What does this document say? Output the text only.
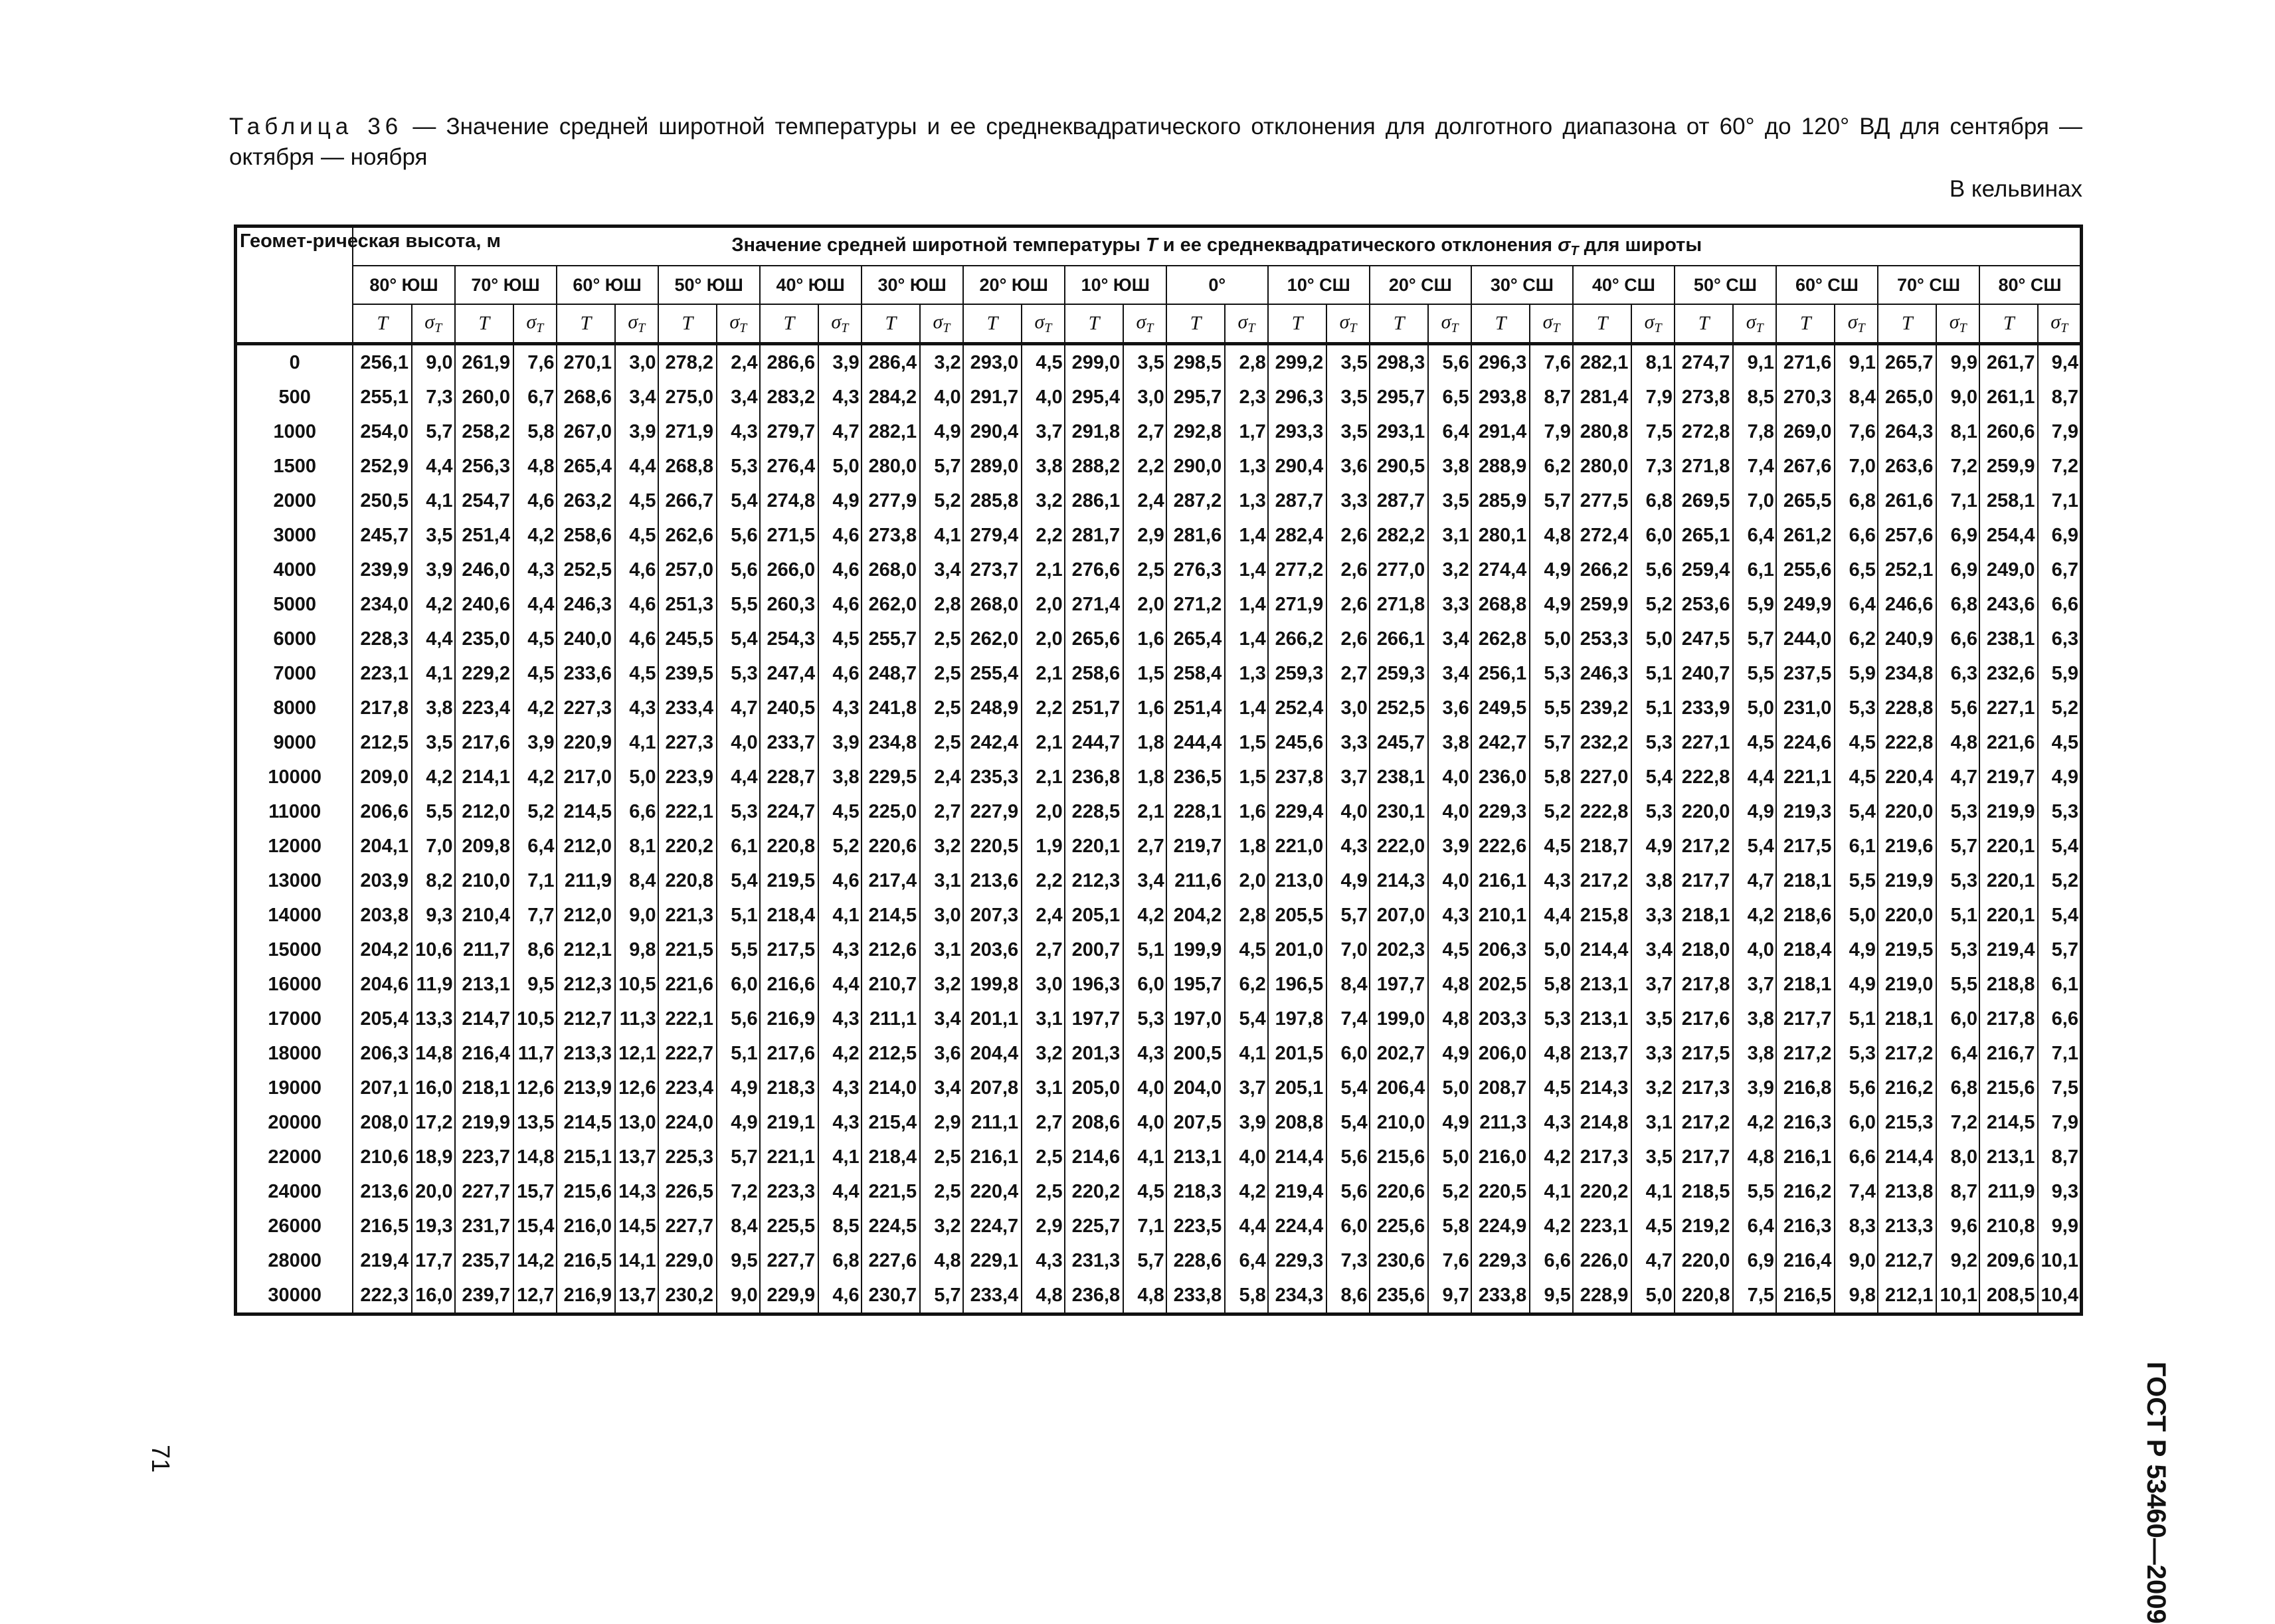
Таблица 36 — Значение средней широтной температуры и ее среднеквадратического отклонения для долготного диапазона от 60° до 120° ВД для сентября — октября — ноября
В кельвинах
Геомет-рическая высота, м	Значение средней широтной температуры T и ее среднеквадратического отклонения $\sigma_T$ для широты																																	
	80° ЮШ		70° ЮШ		60° ЮШ		50° ЮШ		40° ЮШ		30° ЮШ		20° ЮШ		10° ЮШ		0°		10° СШ		20° СШ		30° СШ		40° СШ		50° СШ		60° СШ		70° СШ		80° СШ	
	T	$\sigma_T$	T	$\sigma_T$	T	$\sigma_T$	T	$\sigma_T$	T	$\sigma_T$	T	$\sigma_T$	T	$\sigma_T$	T	$\sigma_T$	T	$\sigma_T$	T	$\sigma_T$	T	$\sigma_T$	T	$\sigma_T$	T	$\sigma_T$	T	$\sigma_T$	T	$\sigma_T$	T	$\sigma_T$	T	$\sigma_T$
0	256,1	9,0	261,9	7,6	270,1	3,0	278,2	2,4	286,6	3,9	286,4	3,2	293,0	4,5	299,0	3,5	298,5	2,8	299,2	3,5	298,3	5,6	296,3	7,6	282,1	8,1	274,7	9,1	271,6	9,1	265,7	9,9	261,7	9,4
500	255,1	7,3	260,0	6,7	268,6	3,4	275,0	3,4	283,2	4,3	284,2	4,0	291,7	4,0	295,4	3,0	295,7	2,3	296,3	3,5	295,7	6,5	293,8	8,7	281,4	7,9	273,8	8,5	270,3	8,4	265,0	9,0	261,1	8,7
1000	254,0	5,7	258,2	5,8	267,0	3,9	271,9	4,3	279,7	4,7	282,1	4,9	290,4	3,7	291,8	2,7	292,8	1,7	293,3	3,5	293,1	6,4	291,4	7,9	280,8	7,5	272,8	7,8	269,0	7,6	264,3	8,1	260,6	7,9
1500	252,9	4,4	256,3	4,8	265,4	4,4	268,8	5,3	276,4	5,0	280,0	5,7	289,0	3,8	288,2	2,2	290,0	1,3	290,4	3,6	290,5	3,8	288,9	6,2	280,0	7,3	271,8	7,4	267,6	7,0	263,6	7,2	259,9	7,2
2000	250,5	4,1	254,7	4,6	263,2	4,5	266,7	5,4	274,8	4,9	277,9	5,2	285,8	3,2	286,1	2,4	287,2	1,3	287,7	3,3	287,7	3,5	285,9	5,7	277,5	6,8	269,5	7,0	265,5	6,8	261,6	7,1	258,1	7,1
3000	245,7	3,5	251,4	4,2	258,6	4,5	262,6	5,6	271,5	4,6	273,8	4,1	279,4	2,2	281,7	2,9	281,6	1,4	282,4	2,6	282,2	3,1	280,1	4,8	272,4	6,0	265,1	6,4	261,2	6,6	257,6	6,9	254,4	6,9
4000	239,9	3,9	246,0	4,3	252,5	4,6	257,0	5,6	266,0	4,6	268,0	3,4	273,7	2,1	276,6	2,5	276,3	1,4	277,2	2,6	277,0	3,2	274,4	4,9	266,2	5,6	259,4	6,1	255,6	6,5	252,1	6,9	249,0	6,7
5000	234,0	4,2	240,6	4,4	246,3	4,6	251,3	5,5	260,3	4,6	262,0	2,8	268,0	2,0	271,4	2,0	271,2	1,4	271,9	2,6	271,8	3,3	268,8	4,9	259,9	5,2	253,6	5,9	249,9	6,4	246,6	6,8	243,6	6,6
6000	228,3	4,4	235,0	4,5	240,0	4,6	245,5	5,4	254,3	4,5	255,7	2,5	262,0	2,0	265,6	1,6	265,4	1,4	266,2	2,6	266,1	3,4	262,8	5,0	253,3	5,0	247,5	5,7	244,0	6,2	240,9	6,6	238,1	6,3
7000	223,1	4,1	229,2	4,5	233,6	4,5	239,5	5,3	247,4	4,6	248,7	2,5	255,4	2,1	258,6	1,5	258,4	1,3	259,3	2,7	259,3	3,4	256,1	5,3	246,3	5,1	240,7	5,5	237,5	5,9	234,8	6,3	232,6	5,9
8000	217,8	3,8	223,4	4,2	227,3	4,3	233,4	4,7	240,5	4,3	241,8	2,5	248,9	2,2	251,7	1,6	251,4	1,4	252,4	3,0	252,5	3,6	249,5	5,5	239,2	5,1	233,9	5,0	231,0	5,3	228,8	5,6	227,1	5,2
9000	212,5	3,5	217,6	3,9	220,9	4,1	227,3	4,0	233,7	3,9	234,8	2,5	242,4	2,1	244,7	1,8	244,4	1,5	245,6	3,3	245,7	3,8	242,7	5,7	232,2	5,3	227,1	4,5	224,6	4,5	222,8	4,8	221,6	4,5
10000	209,0	4,2	214,1	4,2	217,0	5,0	223,9	4,4	228,7	3,8	229,5	2,4	235,3	2,1	236,8	1,8	236,5	1,5	237,8	3,7	238,1	4,0	236,0	5,8	227,0	5,4	222,8	4,4	221,1	4,5	220,4	4,7	219,7	4,9
11000	206,6	5,5	212,0	5,2	214,5	6,6	222,1	5,3	224,7	4,5	225,0	2,7	227,9	2,0	228,5	2,1	228,1	1,6	229,4	4,0	230,1	4,0	229,3	5,2	222,8	5,3	220,0	4,9	219,3	5,4	220,0	5,3	219,9	5,3
12000	204,1	7,0	209,8	6,4	212,0	8,1	220,2	6,1	220,8	5,2	220,6	3,2	220,5	1,9	220,1	2,7	219,7	1,8	221,0	4,3	222,0	3,9	222,6	4,5	218,7	4,9	217,2	5,4	217,5	6,1	219,6	5,7	220,1	5,4
13000	203,9	8,2	210,0	7,1	211,9	8,4	220,8	5,4	219,5	4,6	217,4	3,1	213,6	2,2	212,3	3,4	211,6	2,0	213,0	4,9	214,3	4,0	216,1	4,3	217,2	3,8	217,7	4,7	218,1	5,5	219,9	5,3	220,1	5,2
14000	203,8	9,3	210,4	7,7	212,0	9,0	221,3	5,1	218,4	4,1	214,5	3,0	207,3	2,4	205,1	4,2	204,2	2,8	205,5	5,7	207,0	4,3	210,1	4,4	215,8	3,3	218,1	4,2	218,6	5,0	220,0	5,1	220,1	5,4
15000	204,2	10,6	211,7	8,6	212,1	9,8	221,5	5,5	217,5	4,3	212,6	3,1	203,6	2,7	200,7	5,1	199,9	4,5	201,0	7,0	202,3	4,5	206,3	5,0	214,4	3,4	218,0	4,0	218,4	4,9	219,5	5,3	219,4	5,7
16000	204,6	11,9	213,1	9,5	212,3	10,5	221,6	6,0	216,6	4,4	210,7	3,2	199,8	3,0	196,3	6,0	195,7	6,2	196,5	8,4	197,7	4,8	202,5	5,8	213,1	3,7	217,8	3,7	218,1	4,9	219,0	5,5	218,8	6,1
17000	205,4	13,3	214,7	10,5	212,7	11,3	222,1	5,6	216,9	4,3	211,1	3,4	201,1	3,1	197,7	5,3	197,0	5,4	197,8	7,4	199,0	4,8	203,3	5,3	213,1	3,5	217,6	3,8	217,7	5,1	218,1	6,0	217,8	6,6
18000	206,3	14,8	216,4	11,7	213,3	12,1	222,7	5,1	217,6	4,2	212,5	3,6	204,4	3,2	201,3	4,3	200,5	4,1	201,5	6,0	202,7	4,9	206,0	4,8	213,7	3,3	217,5	3,8	217,2	5,3	217,2	6,4	216,7	7,1
19000	207,1	16,0	218,1	12,6	213,9	12,6	223,4	4,9	218,3	4,3	214,0	3,4	207,8	3,1	205,0	4,0	204,0	3,7	205,1	5,4	206,4	5,0	208,7	4,5	214,3	3,2	217,3	3,9	216,8	5,6	216,2	6,8	215,6	7,5
20000	208,0	17,2	219,9	13,5	214,5	13,0	224,0	4,9	219,1	4,3	215,4	2,9	211,1	2,7	208,6	4,0	207,5	3,9	208,8	5,4	210,0	4,9	211,3	4,3	214,8	3,1	217,2	4,2	216,3	6,0	215,3	7,2	214,5	7,9
22000	210,6	18,9	223,7	14,8	215,1	13,7	225,3	5,7	221,1	4,1	218,4	2,5	216,1	2,5	214,6	4,1	213,1	4,0	214,4	5,6	215,6	5,0	216,0	4,2	217,3	3,5	217,7	4,8	216,1	6,6	214,4	8,0	213,1	8,7
24000	213,6	20,0	227,7	15,7	215,6	14,3	226,5	7,2	223,3	4,4	221,5	2,5	220,4	2,5	220,2	4,5	218,3	4,2	219,4	5,6	220,6	5,2	220,5	4,1	220,2	4,1	218,5	5,5	216,2	7,4	213,8	8,7	211,9	9,3
26000	216,5	19,3	231,7	15,4	216,0	14,5	227,7	8,4	225,5	8,5	224,5	3,2	224,7	2,9	225,7	7,1	223,5	4,4	224,4	6,0	225,6	5,8	224,9	4,2	223,1	4,5	219,2	6,4	216,3	8,3	213,3	9,6	210,8	9,9
28000	219,4	17,7	235,7	14,2	216,5	14,1	229,0	9,5	227,7	6,8	227,6	4,8	229,1	4,3	231,3	5,7	228,6	6,4	229,3	7,3	230,6	7,6	229,3	6,6	226,0	4,7	220,0	6,9	216,4	9,0	212,7	9,2	209,6	10,1
30000	222,3	16,0	239,7	12,7	216,9	13,7	230,2	9,0	229,9	4,6	230,7	5,7	233,4	4,8	236,8	4,8	233,8	5,8	234,3	8,6	235,6	9,7	233,8	9,5	228,9	5,0	220,8	7,5	216,5	9,8	212,1	10,1	208,5	10,4
ГОСТ Р 53460—2009
71
